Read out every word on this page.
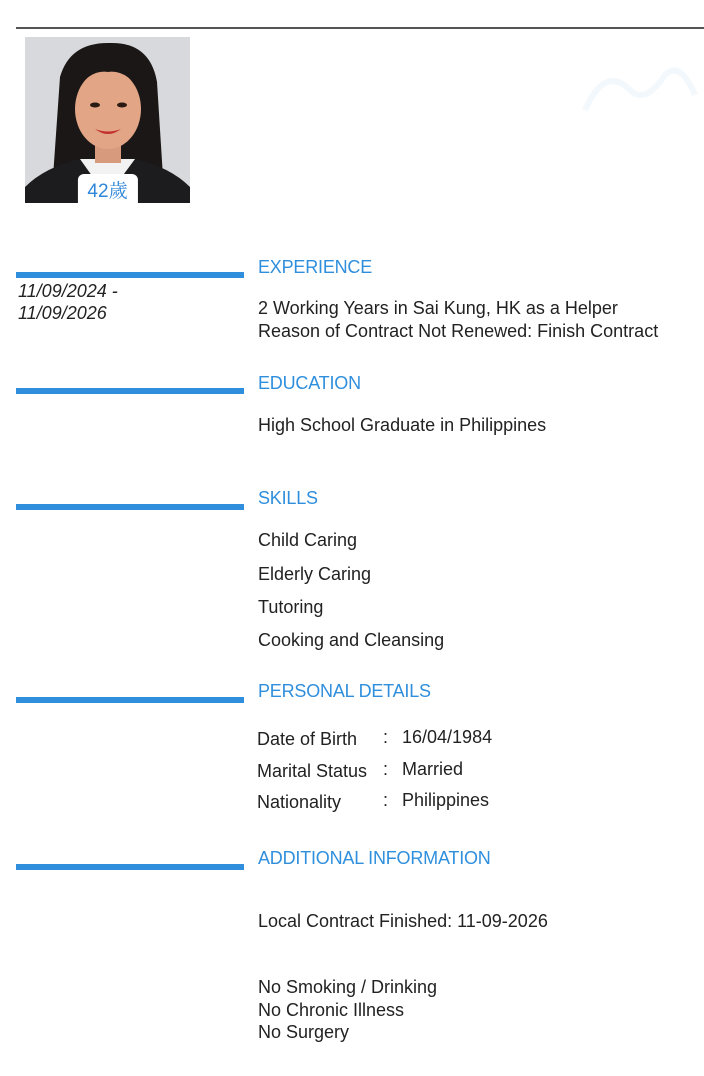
42歲
EXPERIENCE
11/09/2024 -
11/09/2026	2 Working Years in Sai Kung, HK as a Helper
Reason of Contract Not Renewed: Finish Contract
EDUCATION
High School Graduate in Philippines
SKILLS
Child Caring
Elderly Caring
Tutoring
Cooking and Cleansing
PERSONAL DETAILS
Date of Birth : 16/04/1984
Marital Status : Married
Nationality : Philippines
ADDITIONAL INFORMATION
Local Contract Finished: 11-09-2026
No Smoking / Drinking
No Chronic Illness
No Surgery
